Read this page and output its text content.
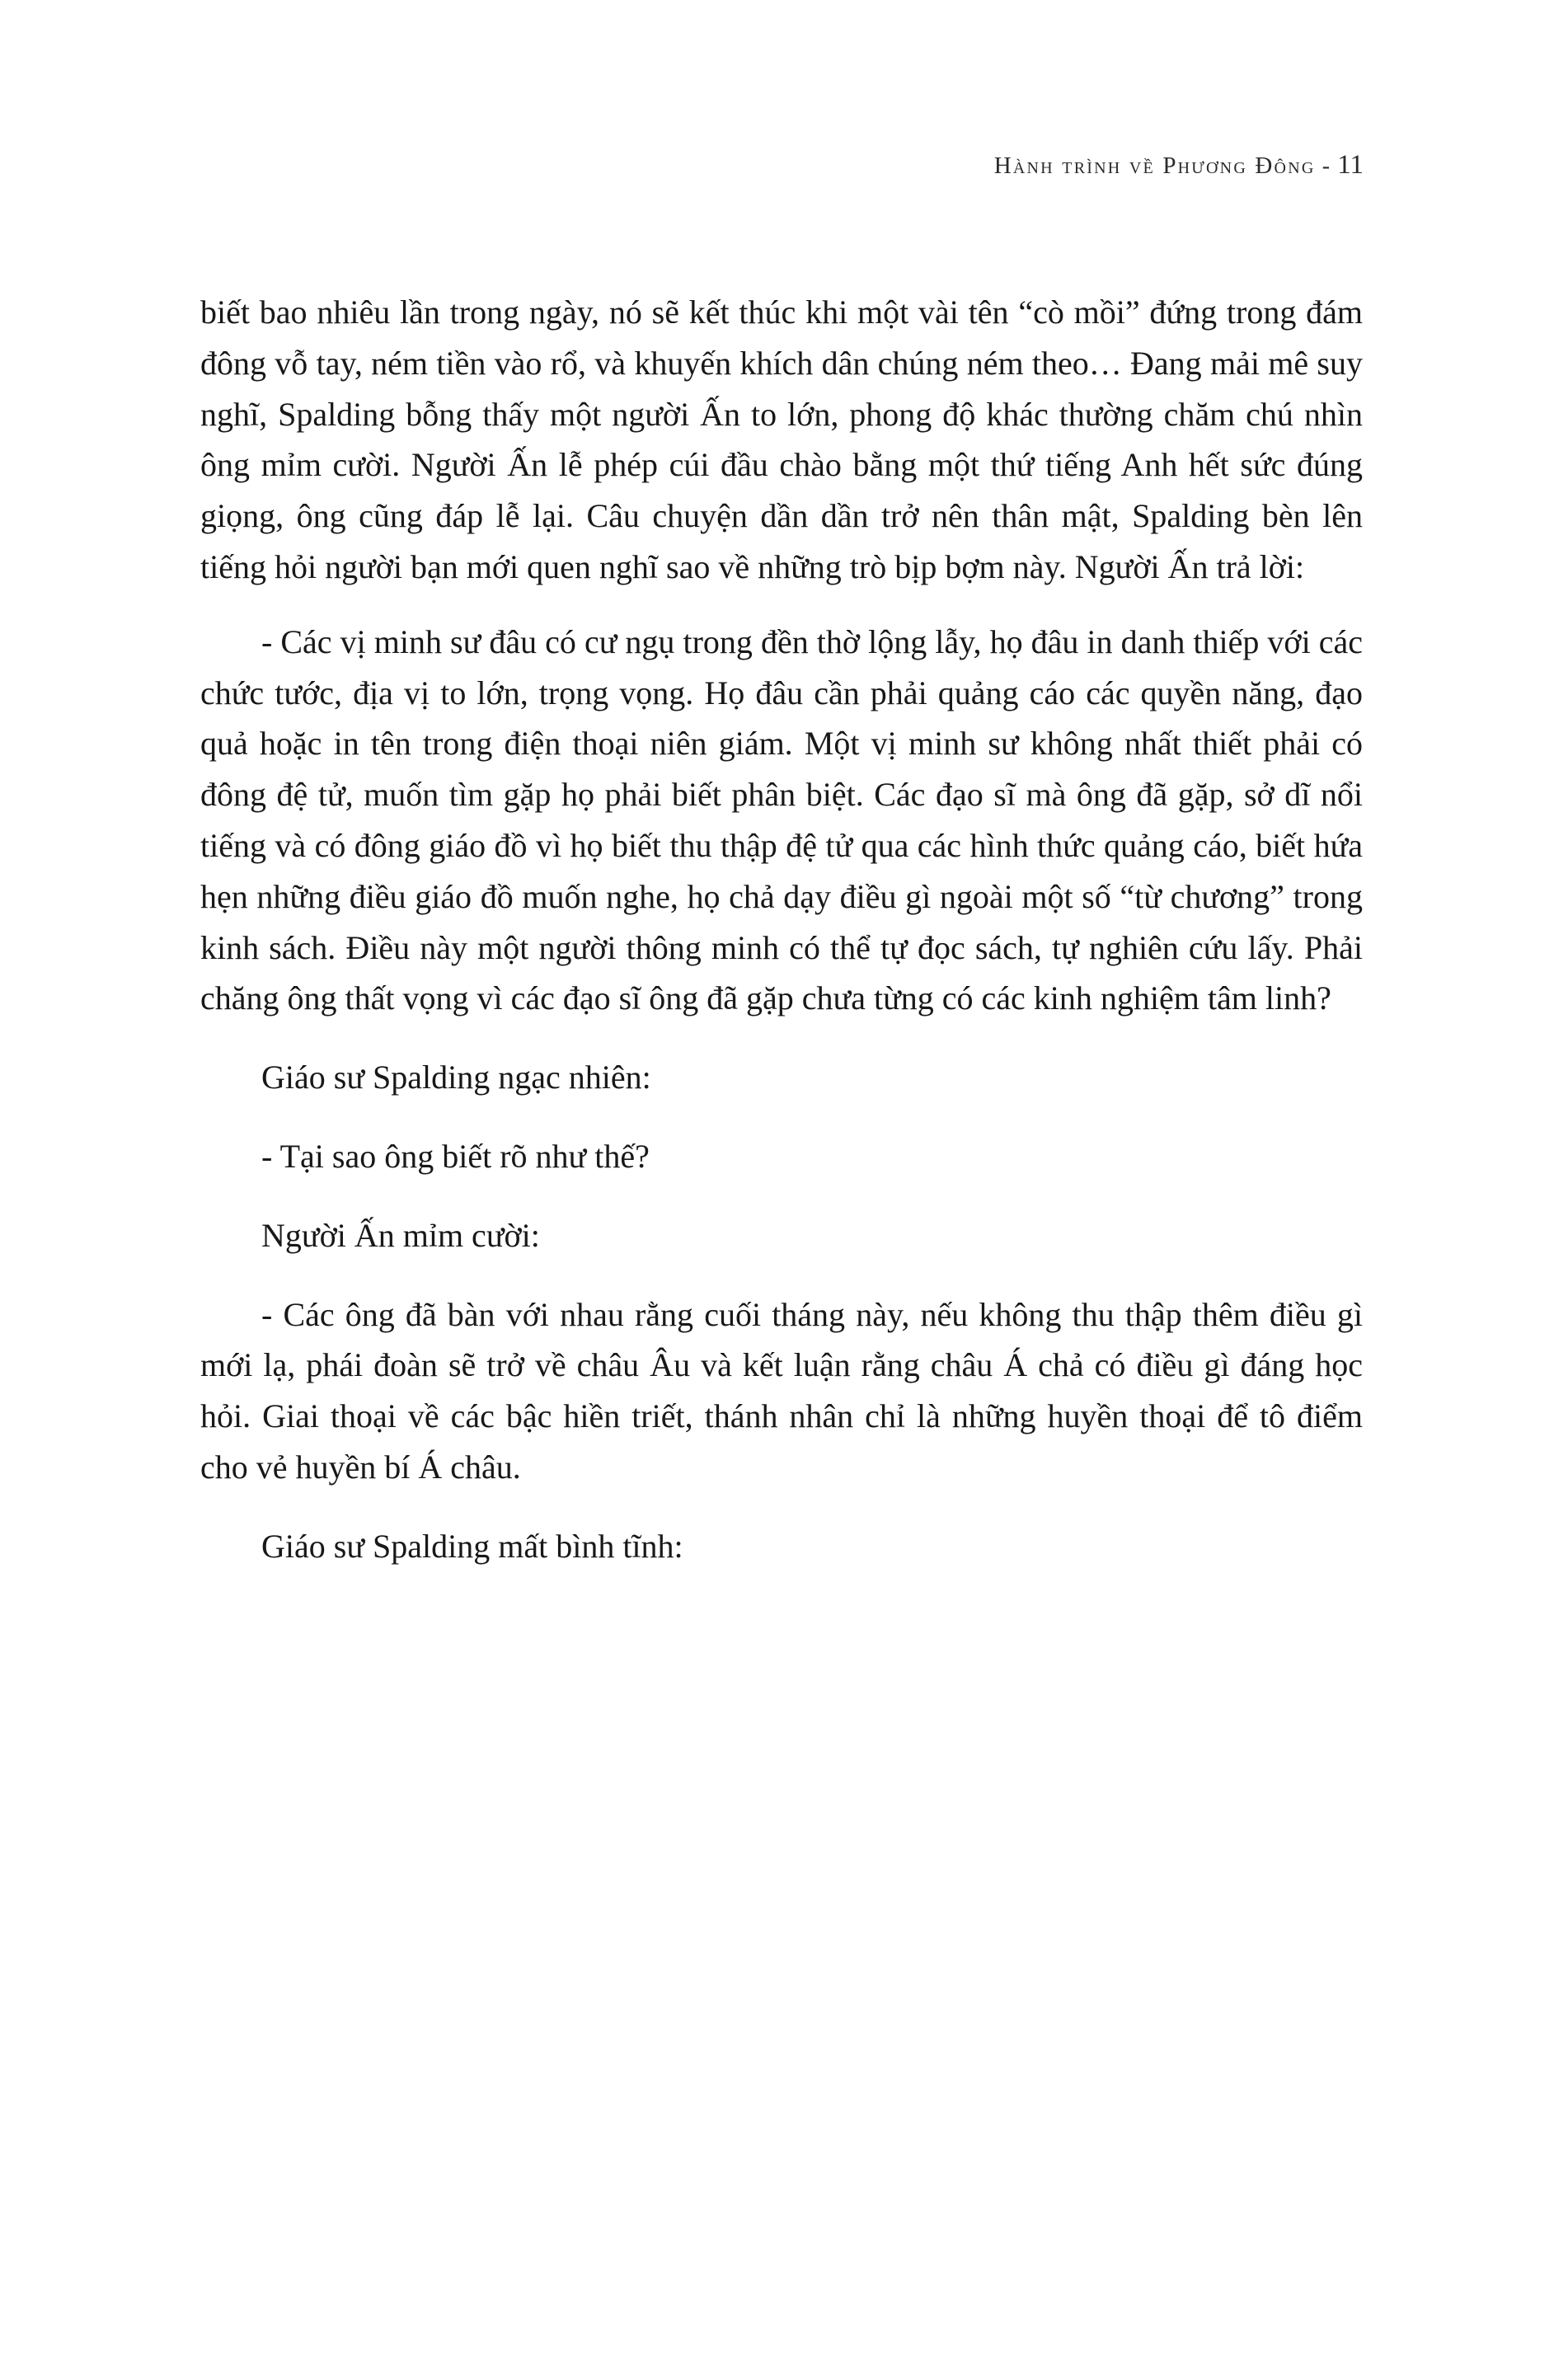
Hành trình về Phương Đông - 11

biết bao nhiêu lần trong ngày, nó sẽ kết thúc khi một vài tên “cò mồi” đứng trong đám đông vỗ tay, ném tiền vào rổ, và khuyến khích dân chúng ném theo… Đang mải mê suy nghĩ, Spalding bỗng thấy một người Ấn to lớn, phong độ khác thường chăm chú nhìn ông mỉm cười. Người Ấn lễ phép cúi đầu chào bằng một thứ tiếng Anh hết sức đúng giọng, ông cũng đáp lễ lại. Câu chuyện dần dần trở nên thân mật, Spalding bèn lên tiếng hỏi người bạn mới quen nghĩ sao về những trò bịp bợm này. Người Ấn trả lời:

- Các vị minh sư đâu có cư ngụ trong đền thờ lộng lẫy, họ đâu in danh thiếp với các chức tước, địa vị to lớn, trọng vọng. Họ đâu cần phải quảng cáo các quyền năng, đạo quả hoặc in tên trong điện thoại niên giám. Một vị minh sư không nhất thiết phải có đông đệ tử, muốn tìm gặp họ phải biết phân biệt. Các đạo sĩ mà ông đã gặp, sở dĩ nổi tiếng và có đông giáo đồ vì họ biết thu thập đệ tử qua các hình thức quảng cáo, biết hứa hẹn những điều giáo đồ muốn nghe, họ chả dạy điều gì ngoài một số “từ chương” trong kinh sách. Điều này một người thông minh có thể tự đọc sách, tự nghiên cứu lấy. Phải chăng ông thất vọng vì các đạo sĩ ông đã gặp chưa từng có các kinh nghiệm tâm linh?

Giáo sư Spalding ngạc nhiên:

- Tại sao ông biết rõ như thế?

Người Ấn mỉm cười:

- Các ông đã bàn với nhau rằng cuối tháng này, nếu không thu thập thêm điều gì mới lạ, phái đoàn sẽ trở về châu Âu và kết luận rằng châu Á chả có điều gì đáng học hỏi. Giai thoại về các bậc hiền triết, thánh nhân chỉ là những huyền thoại để tô điểm cho vẻ huyền bí Á châu.

Giáo sư Spalding mất bình tĩnh:
